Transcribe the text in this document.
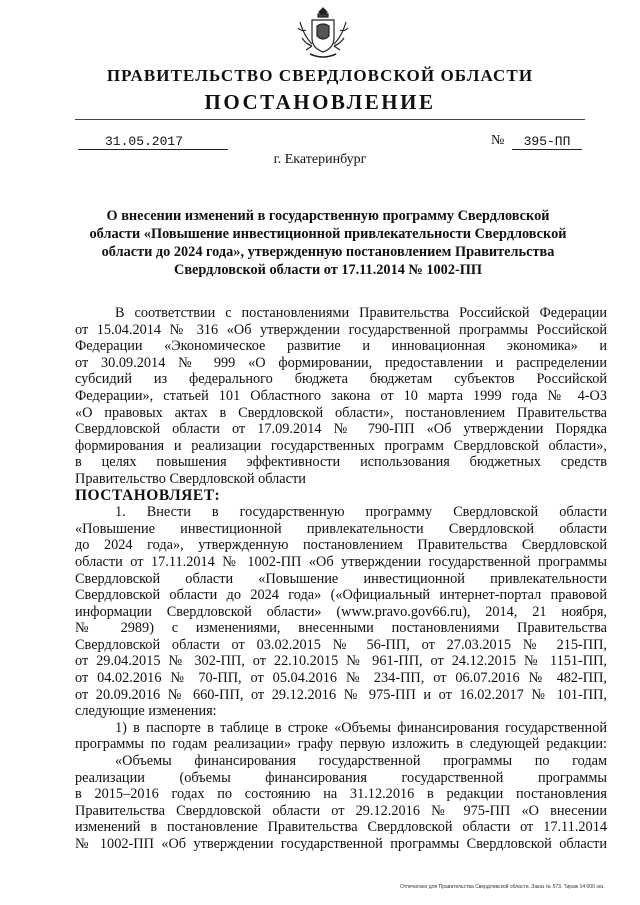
ПРАВИТЕЛЬСТВО СВЕРДЛОВСКОЙ ОБЛАСТИ
ПОСТАНОВЛЕНИЕ
31.05.2017	№	395-ПП
г. Екатеринбург
О внесении изменений в государственную программу Свердловской области «Повышение инвестиционной привлекательности Свердловской области до 2024 года», утвержденную постановлением Правительства Свердловской области от 17.11.2014 № 1002-ПП
В соответствии с постановлениями Правительства Российской Федерации
от 15.04.2014 № 316 «Об утверждении государственной программы Российской
Федерации «Экономическое развитие и инновационная экономика» и
от 30.09.2014 № 999 «О формировании, предоставлении и распределении
субсидий из федерального бюджета бюджетам субъектов Российской
Федерации», статьей 101 Областного закона от 10 марта 1999 года № 4-ОЗ
«О правовых актах в Свердловской области», постановлением Правительства
Свердловской области от 17.09.2014 № 790-ПП «Об утверждении Порядка
формирования и реализации государственных программ Свердловской области»,
в целях повышения эффективности использования бюджетных средств
Правительство Свердловской области
ПОСТАНОВЛЯЕТ:
1. Внести в государственную программу Свердловской области
«Повышение инвестиционной привлекательности Свердловской области
до 2024 года», утвержденную постановлением Правительства Свердловской
области от 17.11.2014 № 1002-ПП «Об утверждении государственной программы
Свердловской области «Повышение инвестиционной привлекательности
Свердловской области до 2024 года» («Официальный интернет-портал правовой
информации Свердловской области» (www.pravo.gov66.ru), 2014, 21 ноября,
№ 2989) с изменениями, внесенными постановлениями Правительства
Свердловской области от 03.02.2015 № 56-ПП, от 27.03.2015 № 215-ПП,
от 29.04.2015 № 302-ПП, от 22.10.2015 № 961-ПП, от 24.12.2015 № 1151-ПП,
от 04.02.2016 № 70-ПП, от 05.04.2016 № 234-ПП, от 06.07.2016 № 482-ПП,
от 20.09.2016 № 660-ПП, от 29.12.2016 № 975-ПП и от 16.02.2017 № 101-ПП,
следующие изменения:
1) в паспорте в таблице в строке «Объемы финансирования государственной
программы по годам реализации» графу первую изложить в следующей редакции:
«Объемы финансирования государственной программы по годам
реализации (объемы финансирования государственной программы
в 2015–2016 годах по состоянию на 31.12.2016 в редакции постановления
Правительства Свердловской области от 29.12.2016 № 975-ПП «О внесении
изменений в постановление Правительства Свердловской области от 17.11.2014
№ 1002-ПП «Об утверждении государственной программы Свердловской области
Отпечатано для Правительства Свердловской области. Заказ № 573. Тираж 14 000 экз.
